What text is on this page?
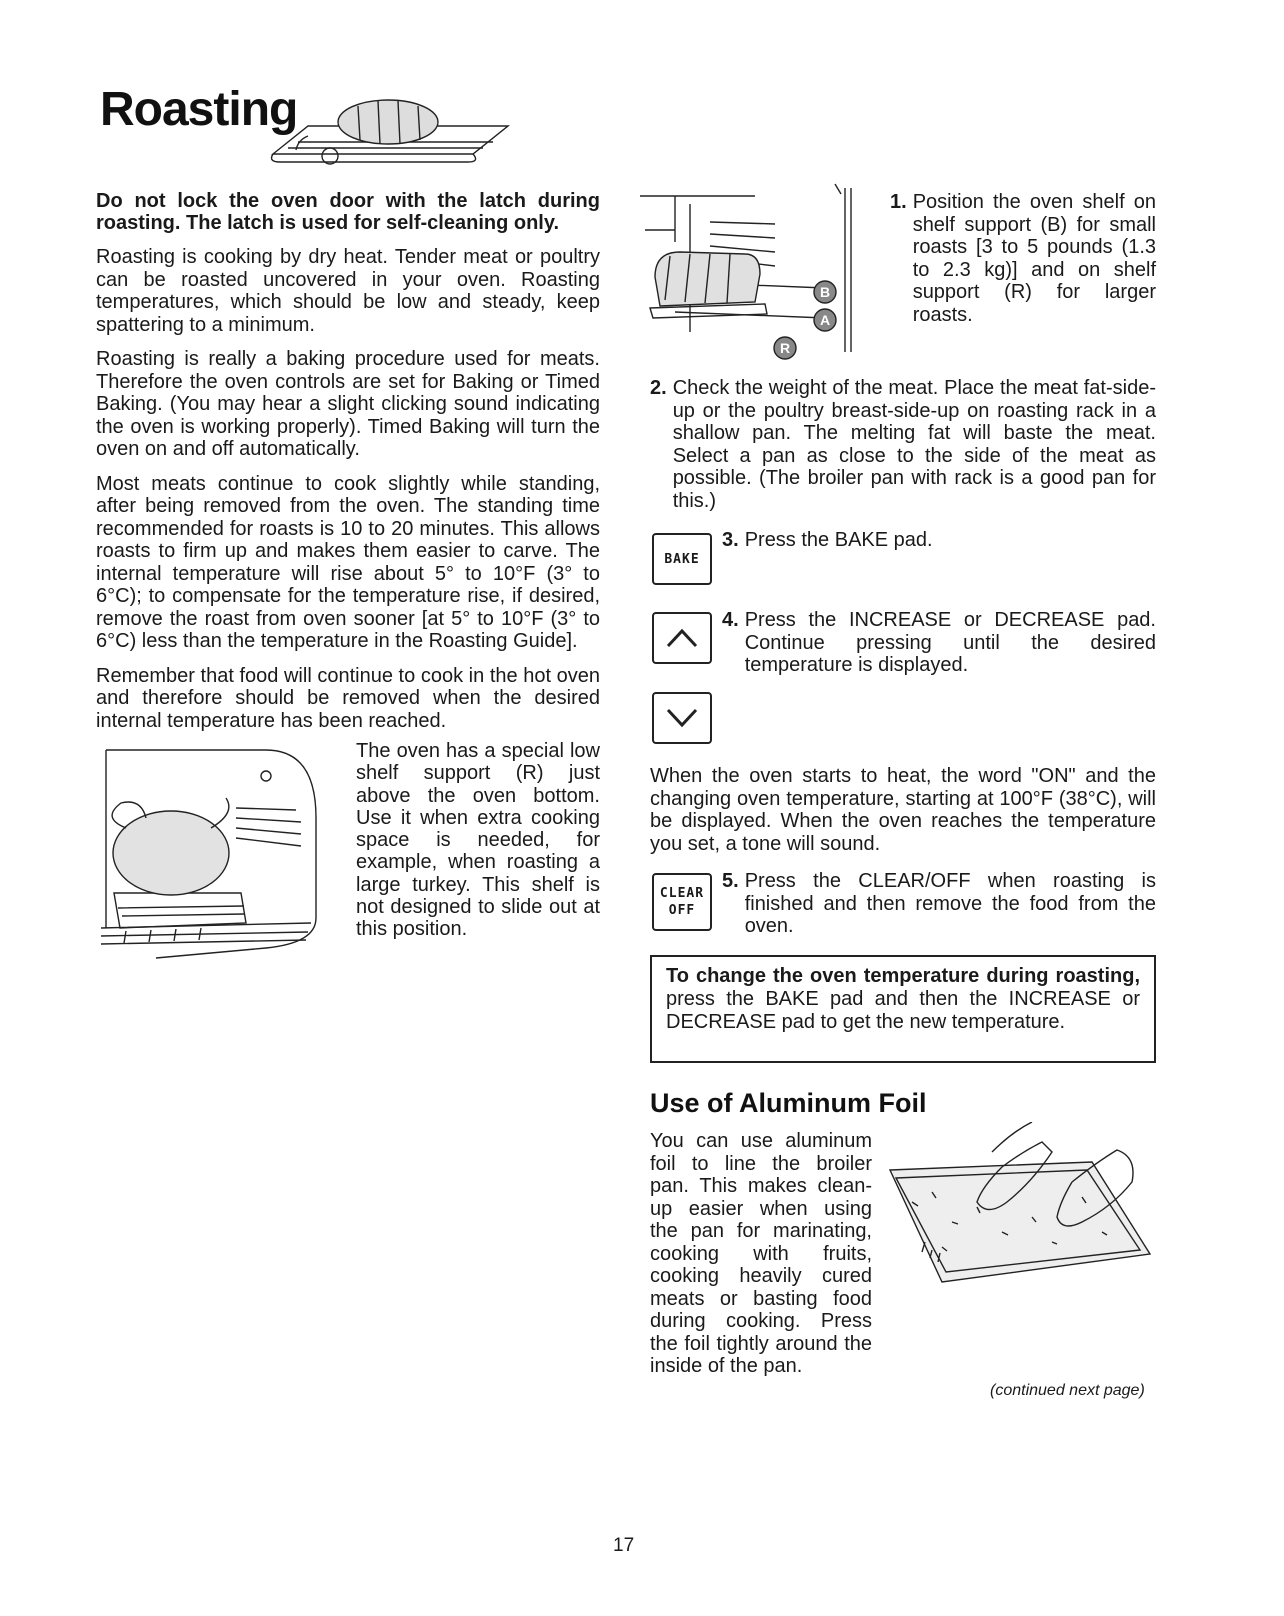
Roasting

Do not lock the oven door with the latch during roasting. The latch is used for self-cleaning only.

Roasting is cooking by dry heat. Tender meat or poultry can be roasted uncovered in your oven. Roasting temperatures, which should be low and steady, keep spattering to a minimum.

Roasting is really a baking procedure used for meats. Therefore the oven controls are set for Baking or Timed Baking. (You may hear a slight clicking sound indicating the oven is working properly). Timed Baking will turn the oven on and off automatically.

Most meats continue to cook slightly while standing, after being removed from the oven. The standing time recommended for roasts is 10 to 20 minutes. This allows roasts to firm up and makes them easier to carve. The internal temperature will rise about 5° to 10°F (3° to 6°C); to compensate for the temperature rise, if desired, remove the roast from oven sooner [at 5° to 10°F (3° to 6°C) less than the temperature in the Roasting Guide].

Remember that food will continue to cook in the hot oven and therefore should be removed when the desired internal temperature has been reached.

The oven has a special low shelf support (R) just above the oven bottom. Use it when extra cooking space is needed, for example, when roasting a large turkey. This shelf is not designed to slide out at this position.

B
A
R
1. Position the oven shelf on shelf support (B) for small roasts [3 to 5 pounds (1.3 to 2.3 kg)] and on shelf support (R) for larger roasts.
2. Check the weight of the meat. Place the meat fat-side-up or the poultry breast-side-up on roasting rack in a shallow pan. The melting fat will baste the meat. Select a pan as close to the side of the meat as possible. (The broiler pan with rack is a good pan for this.)
BAKE
3. Press the BAKE pad.
4. Press the INCREASE or DECREASE pad. Continue pressing until the desired temperature is displayed.

When the oven starts to heat, the word "ON" and the changing oven temperature, starting at 100°F (38°C), will be displayed. When the oven reaches the temperature you set, a tone will sound.

CLEAR
OFF
5. Press the CLEAR/OFF when roasting is finished and then remove the food from the oven.
To change the oven temperature during roasting, press the BAKE pad and then the INCREASE or DECREASE pad to get the new temperature.
Use of Aluminum Foil

You can use aluminum foil to line the broiler pan. This makes clean-up easier when using the pan for marinating, cooking with fruits, cooking heavily cured meats or basting food during cooking. Press the foil tightly around the inside of the pan.

(continued next page)
17
